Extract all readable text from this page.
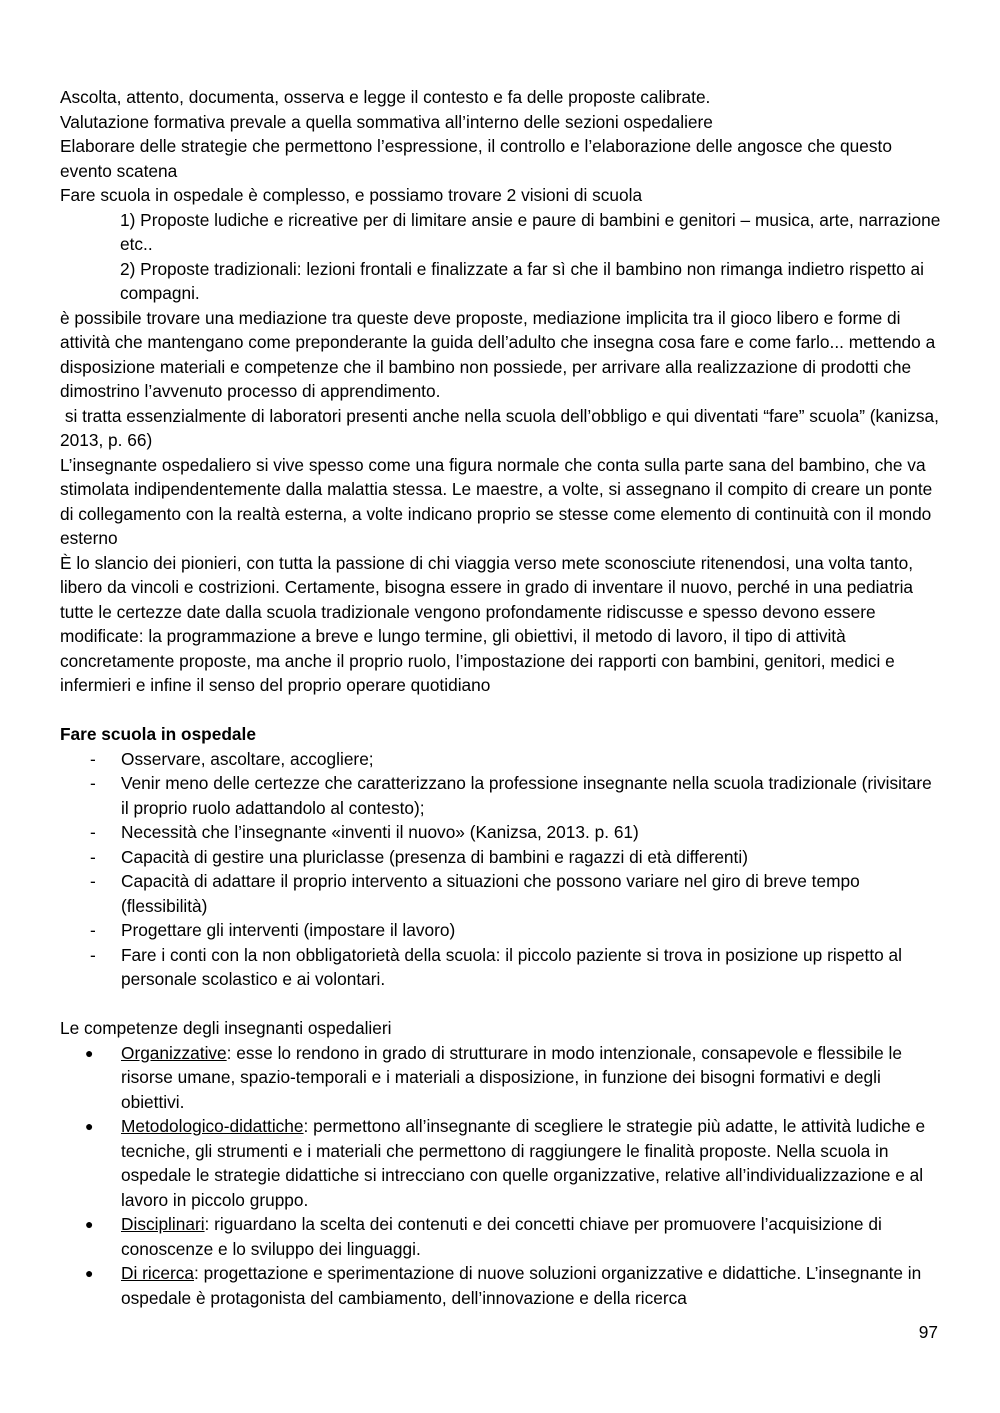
Ascolta, attento, documenta, osserva e legge il contesto e fa delle proposte calibrate.

Valutazione formativa prevale a quella sommativa all’interno delle sezioni ospedaliere

Elaborare delle strategie che permettono l’espressione, il controllo e l’elaborazione delle angosce che questo evento scatena

Fare scuola in ospedale è complesso, e possiamo trovare 2 visioni di scuola

1) Proposte ludiche e ricreative per di limitare ansie e paure di bambini e genitori – musica, arte, narrazione etc..

2) Proposte tradizionali: lezioni frontali e finalizzate a far sì che il bambino non rimanga indietro rispetto ai compagni.

è possibile trovare una mediazione tra queste deve proposte, mediazione implicita tra il gioco libero e forme di attività che mantengano come preponderante la guida dell’adulto che insegna cosa fare e come farlo... mettendo a disposizione materiali e competenze che il bambino non possiede, per arrivare alla realizzazione di prodotti che dimostrino l’avvenuto processo di apprendimento.

si tratta essenzialmente di laboratori presenti anche nella scuola dell’obbligo e qui diventati “fare” scuola” (kanizsa, 2013, p. 66)

L’insegnante ospedaliero si vive spesso come una figura normale che conta sulla parte sana del bambino, che va stimolata indipendentemente dalla malattia stessa. Le maestre, a volte, si assegnano il compito di creare un ponte di collegamento con la realtà esterna, a volte indicano proprio se stesse come elemento di continuità con il mondo esterno

È lo slancio dei pionieri, con tutta la passione di chi viaggia verso mete sconosciute ritenendosi, una volta tanto, libero da vincoli e costrizioni. Certamente, bisogna essere in grado di inventare il nuovo, perché in una pediatria tutte le certezze date dalla scuola tradizionale vengono profondamente ridiscusse e spesso devono essere modificate: la programmazione a breve e lungo termine, gli obiettivi, il metodo di lavoro, il tipo di attività concretamente proposte, ma anche il proprio ruolo, l’impostazione dei rapporti con bambini, genitori, medici e infermieri e infine il senso del proprio operare quotidiano

Fare scuola in ospedale

- Osservare, ascoltare, accogliere;
- Venir meno delle certezze che caratterizzano la professione insegnante nella scuola tradizionale (rivisitare il proprio ruolo adattandolo al contesto);
- Necessità che l’insegnante «inventi il nuovo» (Kanizsa, 2013. p. 61)
- Capacità di gestire una pluriclasse (presenza di bambini e ragazzi di età differenti)
- Capacità di adattare il proprio intervento a situazioni che possono variare nel giro di breve tempo (flessibilità)
- Progettare gli interventi (impostare il lavoro)
- Fare i conti con la non obbligatorietà della scuola: il piccolo paziente si trova in posizione up rispetto al personale scolastico e ai volontari.

Le competenze degli insegnanti ospedalieri

● Organizzative: esse lo rendono in grado di strutturare in modo intenzionale, consapevole e flessibile le risorse umane, spazio-temporali e i materiali a disposizione, in funzione dei bisogni formativi e degli obiettivi.
● Metodologico-didattiche: permettono all’insegnante di scegliere le strategie più adatte, le attività ludiche e tecniche, gli strumenti e i materiali che permettono di raggiungere le finalità proposte. Nella scuola in ospedale le strategie didattiche si intrecciano con quelle organizzative, relative all’individualizzazione e al lavoro in piccolo gruppo.
● Disciplinari: riguardano la scelta dei contenuti e dei concetti chiave per promuovere l’acquisizione di conoscenze e lo sviluppo dei linguaggi.
● Di ricerca: progettazione e sperimentazione di nuove soluzioni organizzative e didattiche. L’insegnante in ospedale è protagonista del cambiamento, dell’innovazione e della ricerca
97
